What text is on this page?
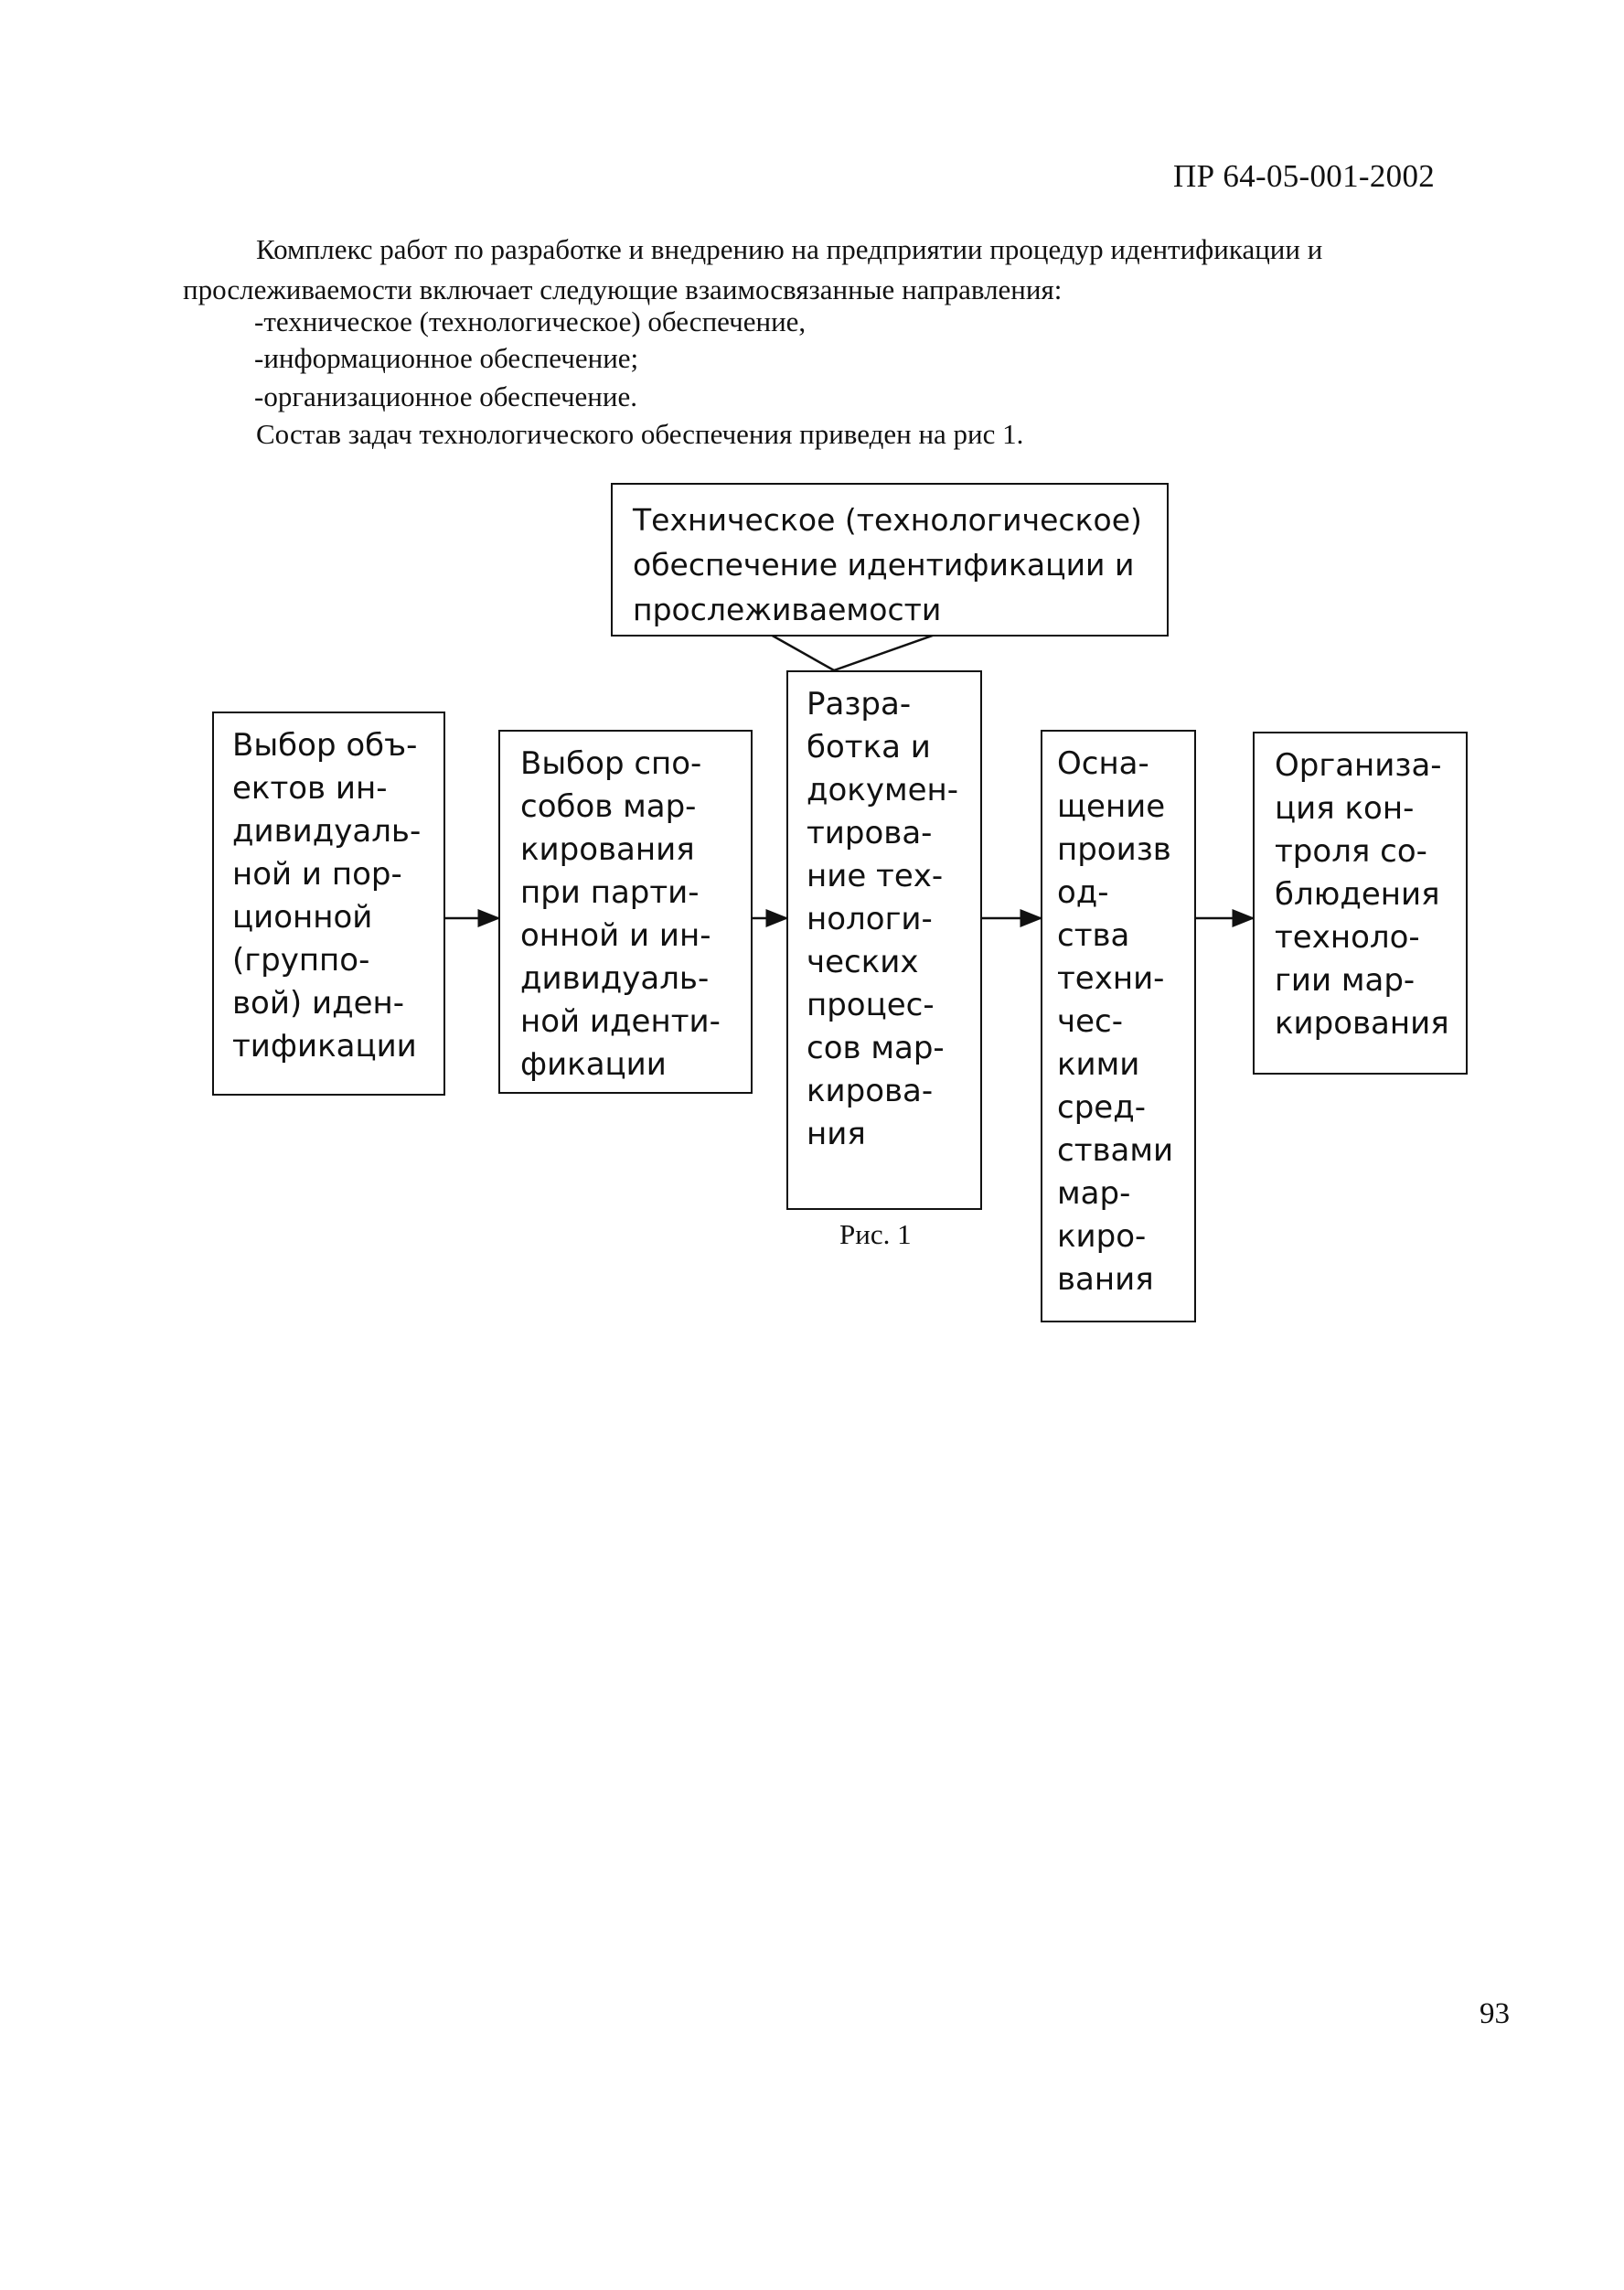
ПР 64-05-001-2002
Комплекс работ по разработке и внедрению на предприятии процедур идентификации и
прослеживаемости включает следующие взаимосвязанные направления:
-техническое (технологическое) обеспечение,
-информационное обеспечение;
-организационное обеспечение.
Состав задач технологического обеспечения приведен на рис 1.
Техническое (технологическое)
обеспечение идентификации и
прослеживаемости
Выбор объ-
ектов ин-
дивидуаль-
ной и пор-
ционной
(группо-
вой) иден-
тификации
Выбор спо-
собов мар-
кирования
при парти-
онной и ин-
дивидуаль-
ной иденти-
фикации
Разра-
ботка и
докумен-
тирова-
ние тех-
нологи-
ческих
процес-
сов мар-
кирова-
ния
Осна-
щение
произв
од-
ства
техни-
чес-
кими
сред-
ствами
мар-
киро-
вания
Организа-
ция кон-
троля со-
блюдения
техноло-
гии мар-
кирования
Рис. 1
93
